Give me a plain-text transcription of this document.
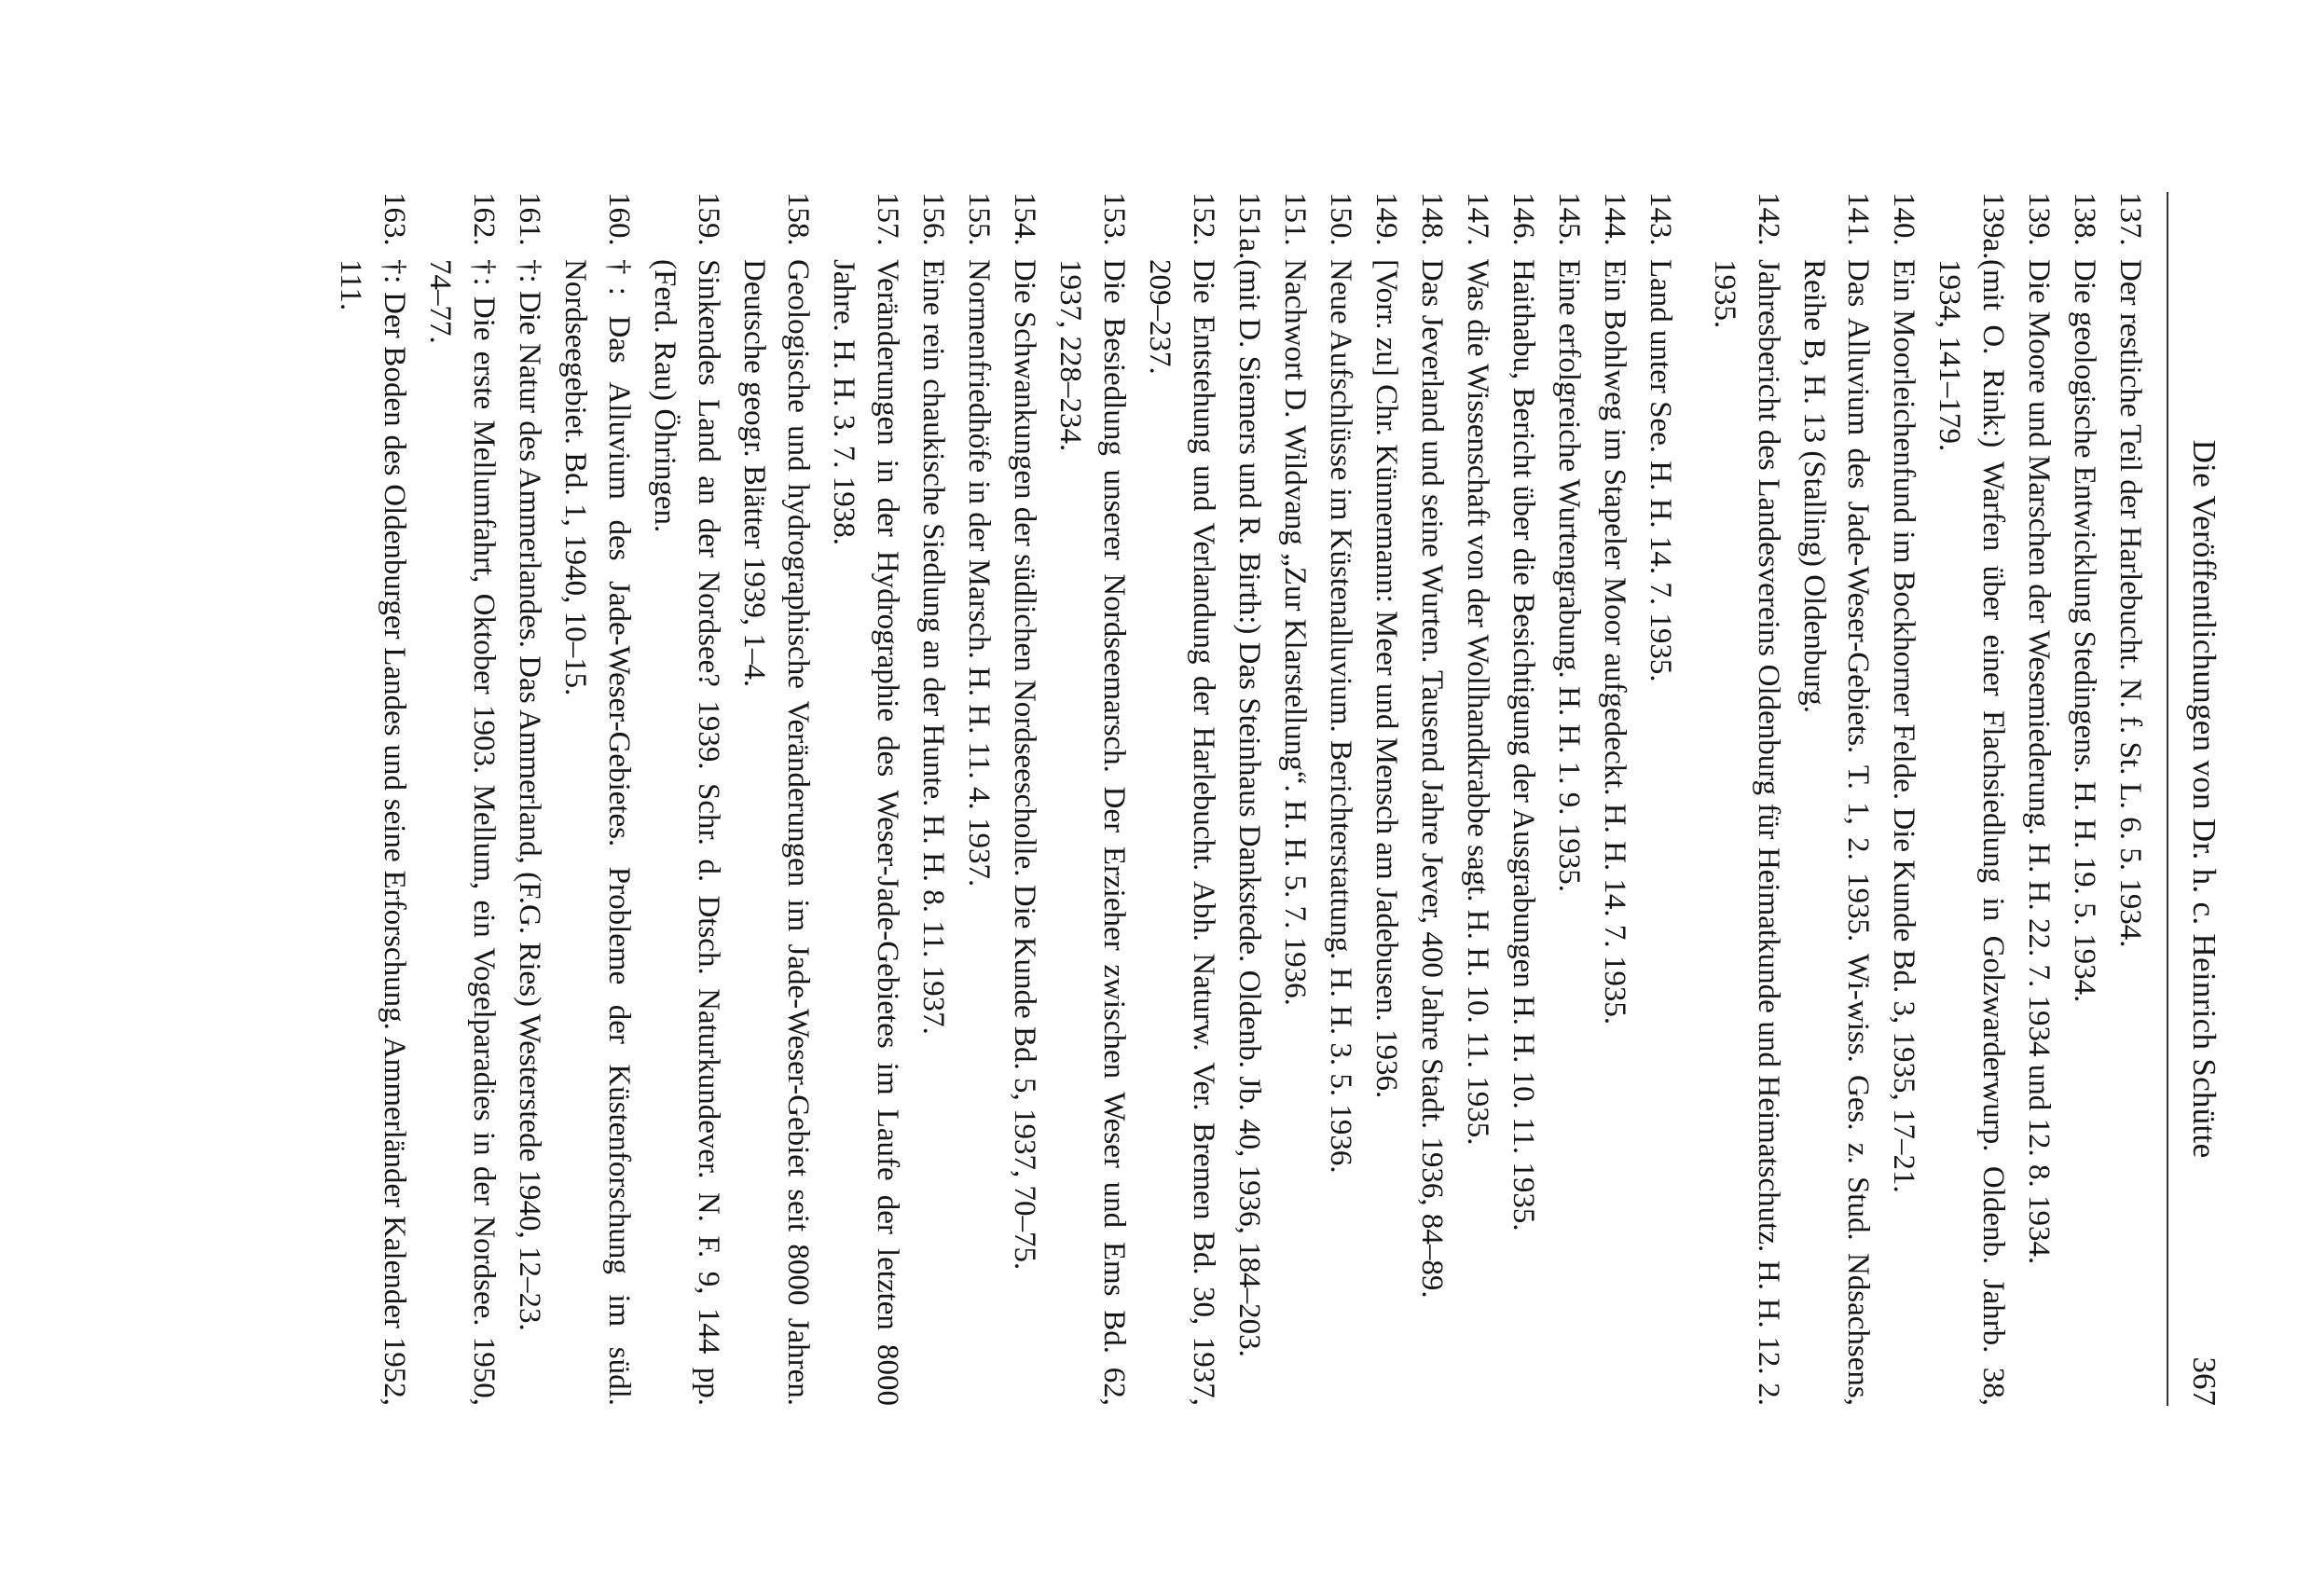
Die Veröffentlichungen von Dr. h. c. Heinrich Schütte
367
137.
Der restliche Teil der Harlebucht. N. f. St. L. 6. 5. 1934.
138.
Die geologische Entwicklung Stedingens. H. H. 19. 5. 1934.
139.
Die Moore und Marschen der Wesemiederung. H. H. 22. 7. 1934 und 12. 8. 1934.
139a.
(mit O. Rink:) Warfen über einer Flachsiedlung in Golzwarderwurp. Oldenb. Jahrb. 38, 1934, 141–179.
140.
Ein Moorleichenfund im Bockhorner Felde. Die Kunde Bd. 3, 1935, 17–21.
141.
Das Alluvium des Jade-Weser-Gebiets. T. 1, 2. 1935. Wi-wiss. Ges. z. Stud. Ndsachsens, Reihe B, H. 13 (Stalling) Oldenburg.
142.
Jahresbericht des Landesvereins Oldenburg für Heimatkunde und Heimatschutz. H. H. 12. 2. 1935.
143.
Land unter See. H. H. 14. 7. 1935.
144.
Ein Bohlweg im Stapeler Moor aufgedeckt. H. H. 14. 7. 1935.
145.
Eine erfolgreiche Wurtengrabung. H. H. 1. 9. 1935.
146.
Haithabu, Bericht über die Besichtigung der Ausgrabungen H. H. 10. 11. 1935.
147.
Was die Wissenschaft von der Wollhandkrabbe sagt. H. H. 10. 11. 1935.
148.
Das Jeverland und seine Wurten. Tausend Jahre Jever, 400 Jahre Stadt. 1936, 84–89.
149.
[Vorr. zu] Chr. Künnemann: Meer und Mensch am Jadebusen. 1936.
150.
Neue Aufschlüsse im Küstenalluvium. Berichterstattung. H. H. 3. 5. 1936.
151.
Nachwort D. Wildvang „Zur Klarstellung“. H. H. 5. 7. 1936.
151a.
(mit D. Siemers und R. Birth:) Das Steinhaus Dankstede. Oldenb. Jb. 40, 1936, 184–203.
152.
Die Entstehung und Verlandung der Harlebucht. Abh. Naturw. Ver. Bremen Bd. 30, 1937, 209–237.
153.
Die Besiedlung unserer Nordseemarsch. Der Erzieher zwischen Weser und Ems Bd. 62, 1937, 228–234.
154.
Die Schwankungen der südlichen Nordseescholle. Die Kunde Bd. 5, 1937, 70–75.
155.
Normenfriedhöfe in der Marsch. H. H. 11. 4. 1937.
156.
Eine rein chaukische Siedlung an der Hunte. H. H. 8. 11. 1937.
157.
Veränderungen in der Hydrographie des Weser-Jade-Gebietes im Laufe der letzten 8000 Jahre. H. H. 3. 7. 1938.
158.
Geologische und hydrographische Veränderungen im Jade-Weser-Gebiet seit 8000 Jahren. Deutsche geogr. Blätter 1939, 1–4.
159.
Sinkendes Land an der Nordsee? 1939. Schr. d. Dtsch. Naturkundever. N. F. 9, 144 pp. (Ferd. Rau) Öhringen.
160.
†: Das Alluvium des Jade-Weser-Gebietes. Probleme der Küstenforschung im südl. Nordseegebiet. Bd. 1, 1940, 10–15.
161.
†: Die Natur des Ammerlandes. Das Ammerland, (F.G. Ries) Westerstede 1940, 12–23.
162.
†: Die erste Mellumfahrt, Oktober 1903. Mellum, ein Vogelparadies in der Nordsee. 1950, 74–77.
163.
†: Der Boden des Oldenburger Landes und seine Erforschung. Ammerländer Kalender 1952, 111.
